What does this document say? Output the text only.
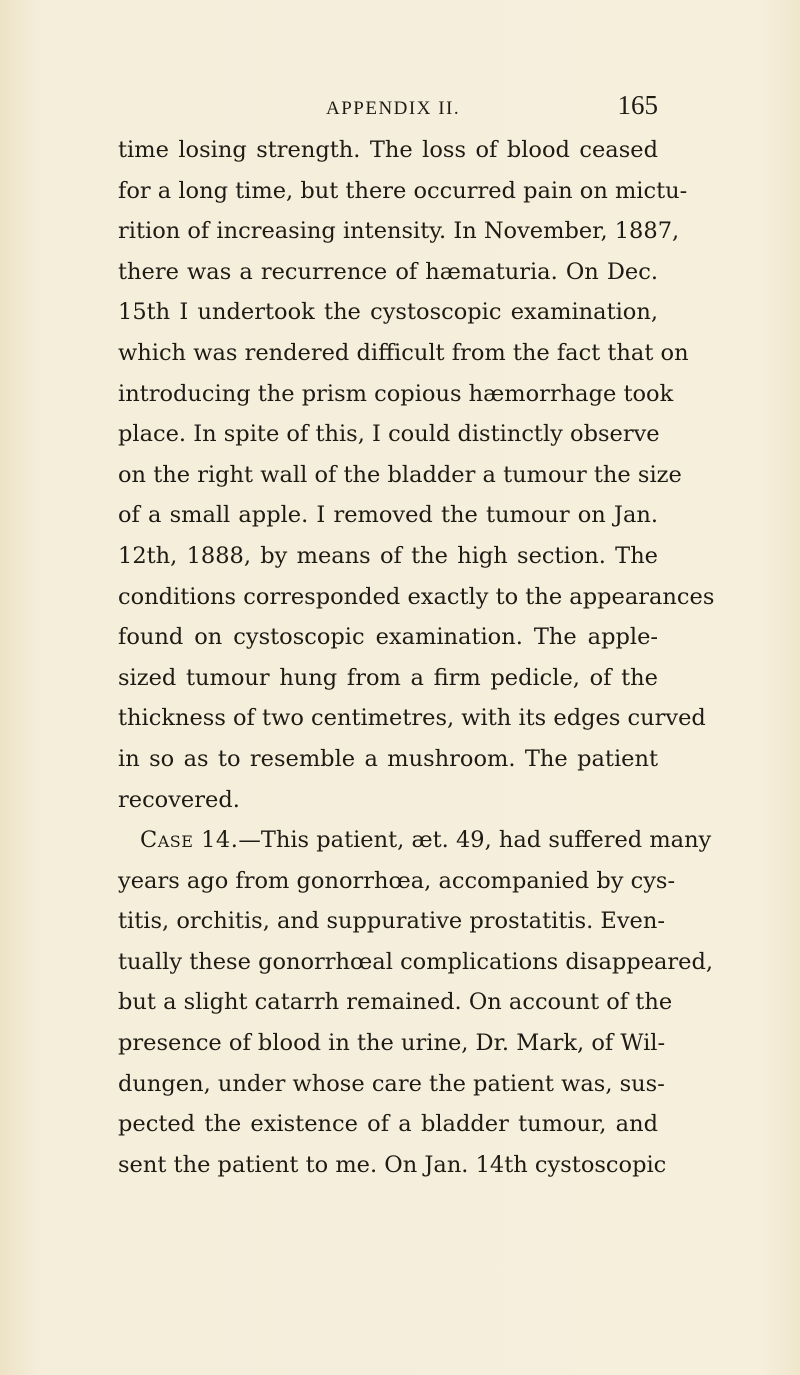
APPENDIX II.	165
time losing strength. The loss of blood ceased
for a long time, but there occurred pain on mictu-
rition of increasing intensity. In November, 1887,
there was a recurrence of hæmaturia. On Dec.
15th I undertook the cystoscopic examination,
which was rendered difficult from the fact that on
introducing the prism copious hæmorrhage took
place. In spite of this, I could distinctly observe
on the right wall of the bladder a tumour the size
of a small apple. I removed the tumour on Jan.
12th, 1888, by means of the high section. The
conditions corresponded exactly to the appearances
found on cystoscopic examination. The apple-
sized tumour hung from a firm pedicle, of the
thickness of two centimetres, with its edges curved
in so as to resemble a mushroom. The patient
recovered.
Case 14.—This patient, æt. 49, had suffered many
years ago from gonorrhœa, accompanied by cys-
titis, orchitis, and suppurative prostatitis. Even-
tually these gonorrhœal complications disappeared,
but a slight catarrh remained. On account of the
presence of blood in the urine, Dr. Mark, of Wil-
dungen, under whose care the patient was, sus-
pected the existence of a bladder tumour, and
sent the patient to me. On Jan. 14th cystoscopic
